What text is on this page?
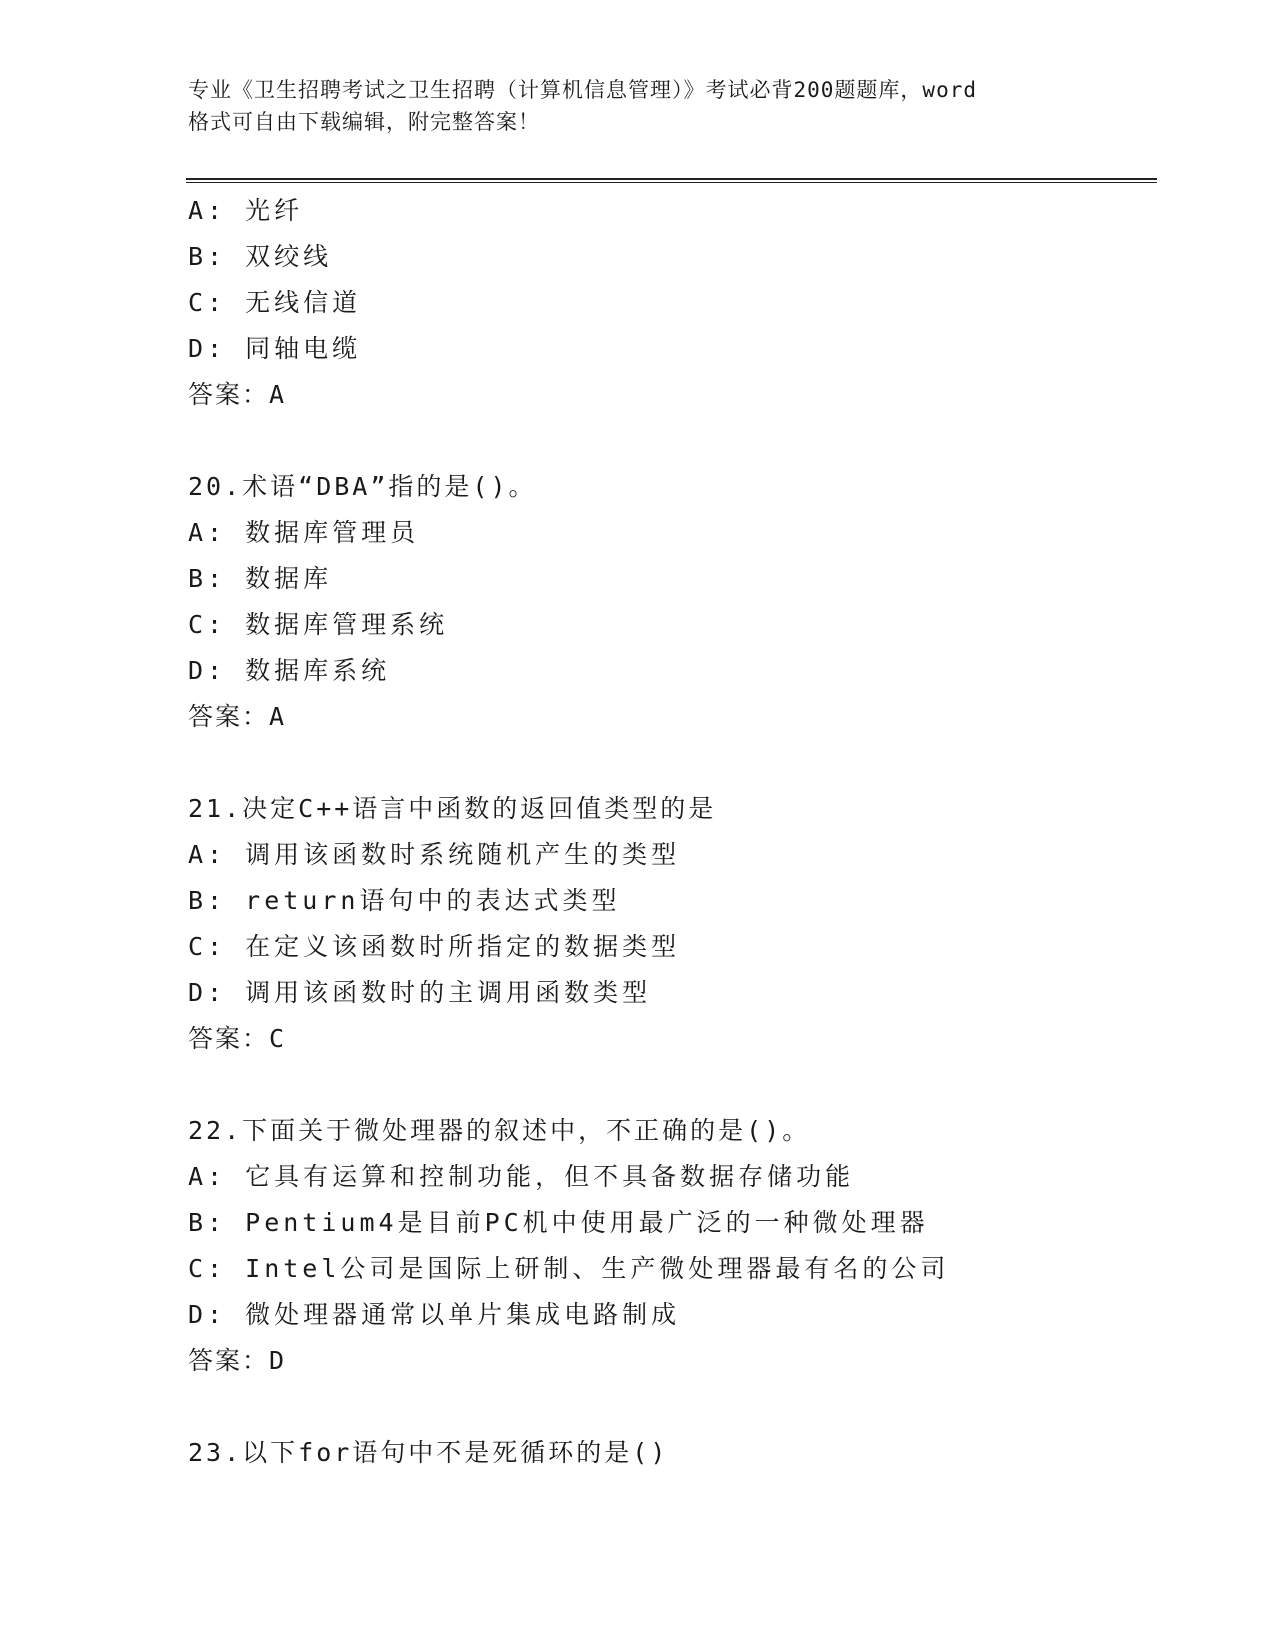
专业《卫生招聘考试之卫生招聘（计算机信息管理）》考试必背200题题库，word
格式可自由下载编辑，附完整答案！
A: 光纤
B: 双绞线
C: 无线信道
D: 同轴电缆
答案：A
20.术语“DBA”指的是()。
A: 数据库管理员
B: 数据库
C: 数据库管理系统
D: 数据库系统
答案：A
21.决定C++语言中函数的返回值类型的是
A: 调用该函数时系统随机产生的类型
B: return语句中的表达式类型
C: 在定义该函数时所指定的数据类型
D: 调用该函数时的主调用函数类型
答案：C
22.下面关于微处理器的叙述中，不正确的是()。
A: 它具有运算和控制功能，但不具备数据存储功能
B: Pentium4是目前PC机中使用最广泛的一种微处理器
C: Intel公司是国际上研制、生产微处理器最有名的公司
D: 微处理器通常以单片集成电路制成
答案：D
23.以下for语句中不是死循环的是()
